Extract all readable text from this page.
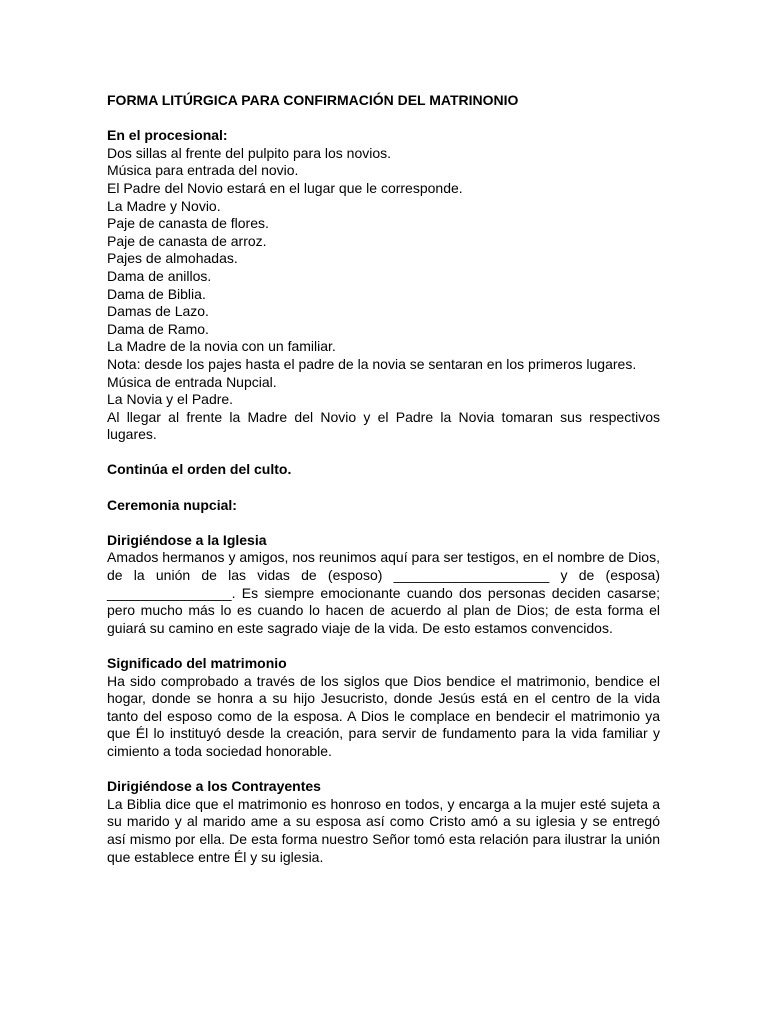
FORMA LITÚRGICA PARA CONFIRMACIÓN DEL MATRINONIO

En el procesional:

Dos sillas al frente del pulpito para los novios.

Música para entrada del novio.

El Padre del Novio estará en el lugar que le corresponde.

La Madre y Novio.

Paje de canasta de flores.

Paje de canasta de arroz.

Pajes de almohadas.

Dama de anillos.

Dama de Biblia.

Damas de Lazo.

Dama de Ramo.

La Madre de la novia con un familiar.

Nota: desde los pajes hasta el padre de la novia se sentaran en los primeros lugares.

Música de entrada Nupcial.

La Novia y el Padre.

Al llegar al frente la Madre del Novio y el Padre la Novia tomaran sus respectivos lugares.

Continúa el orden del culto.

Ceremonia nupcial:

Dirigiéndose a la Iglesia

Amados hermanos y amigos, nos reunimos aquí para ser testigos, en el nombre de Dios, de la unión de las vidas de (esposo) ____________________ y de (esposa) ________________. Es siempre emocionante cuando dos personas deciden casarse; pero mucho más lo es cuando lo hacen de acuerdo al plan de Dios; de esta forma el guiará su camino en este sagrado viaje de la vida. De esto estamos convencidos.

Significado del matrimonio

Ha sido comprobado a través de los siglos que Dios bendice el matrimonio, bendice el hogar, donde se honra a su hijo Jesucristo, donde Jesús está en el centro de la vida tanto del esposo como de la esposa. A Dios le complace en bendecir el matrimonio ya que Él lo instituyó desde la creación, para servir de fundamento para la vida familiar y cimiento a toda sociedad honorable.

Dirigiéndose a los Contrayentes

La Biblia dice que el matrimonio es honroso en todos, y encarga a la mujer esté sujeta a su marido y al marido ame a su esposa así como Cristo amó a su iglesia y se entregó así mismo por ella. De esta forma nuestro Señor tomó esta relación para ilustrar la unión que establece entre Él y su iglesia.
